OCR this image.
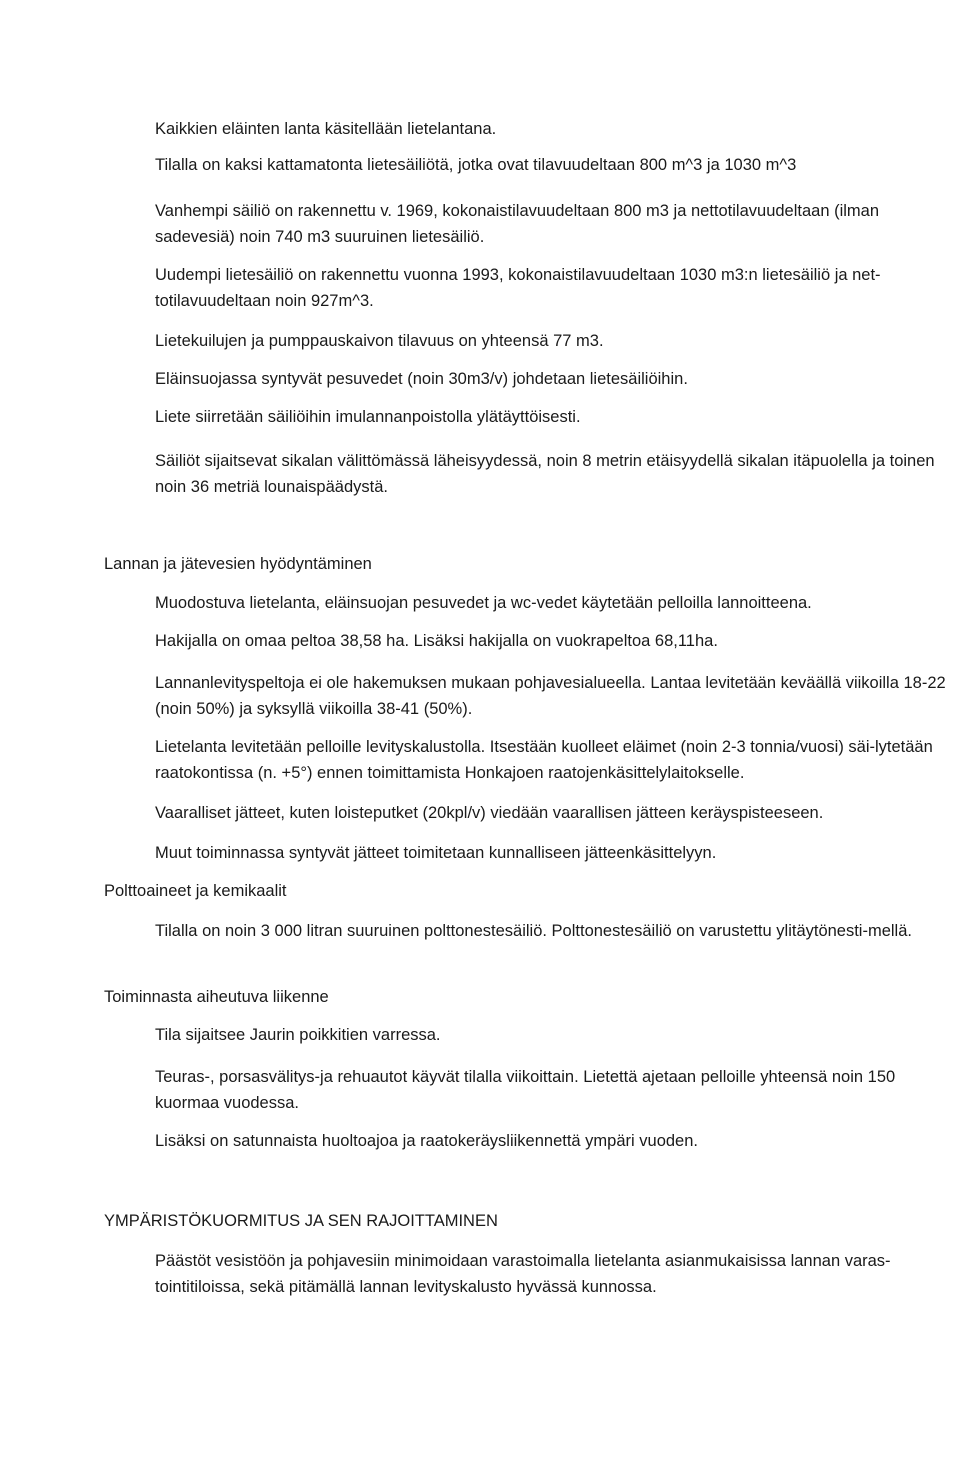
Kaikkien eläinten lanta käsitellään lietelantana.

Tilalla on kaksi kattamatonta lietesäiliötä, jotka ovat tilavuudeltaan 800 m^3 ja 1030 m^3

Vanhempi säiliö on rakennettu v. 1969, kokonaistilavuudeltaan 800 m3 ja nettotilavuudeltaan (ilman sadevesiä) noin 740 m3 suuruinen lietesäiliö.

Uudempi lietesäiliö on rakennettu vuonna 1993, kokonaistilavuudeltaan 1030 m3:n lietesäiliö ja net-totilavuudeltaan noin 927m^3.

Lietekuilujen ja pumppauskaivon tilavuus on yhteensä 77 m3.

Eläinsuojassa syntyvät pesuvedet (noin 30m3/v) johdetaan lietesäiliöihin.

Liete siirretään säiliöihin imulannanpoistolla ylätäyttöisesti.

Säiliöt sijaitsevat sikalan välittömässä läheisyydessä, noin 8 metrin etäisyydellä sikalan itäpuolella ja toinen noin 36 metriä lounaispäädystä.

Lannan ja jätevesien hyödyntäminen

Muodostuva lietelanta, eläinsuojan pesuvedet ja wc-vedet käytetään pelloilla lannoitteena.

Hakijalla on omaa peltoa 38,58 ha. Lisäksi hakijalla on vuokrapeltoa 68,11ha.

Lannanlevityspeltoja ei ole hakemuksen mukaan pohjavesialueella. Lantaa levitetään keväällä viikoilla 18-22 (noin 50%) ja syksyllä viikoilla 38-41 (50%).

Lietelanta levitetään pelloille levityskalustolla. Itsestään kuolleet eläimet (noin 2-3 tonnia/vuosi) säi-lytetään raatokontissa (n. +5°) ennen toimittamista Honkajoen raatojenkäsittelylaitokselle.

Vaaralliset jätteet, kuten loisteputket (20kpl/v) viedään vaarallisen jätteen keräyspisteeseen.

Muut toiminnassa syntyvät jätteet toimitetaan kunnalliseen jätteenkäsittelyyn.

Polttoaineet ja kemikaalit

Tilalla on noin 3 000 litran suuruinen polttonestesäiliö. Polttonestesäiliö on varustettu ylitäytönesti-mellä.

Toiminnasta aiheutuva liikenne

Tila sijaitsee Jaurin poikkitien varressa.

Teuras-, porsasvälitys-ja rehuautot käyvät tilalla viikoittain. Lietettä ajetaan pelloille yhteensä noin 150 kuormaa vuodessa.

Lisäksi on satunnaista huoltoajoa ja raatokeräysliikennettä ympäri vuoden.

YMPÄRISTÖKUORMITUS JA SEN RAJOITTAMINEN

Päästöt vesistöön ja pohjavesiin minimoidaan varastoimalla lietelanta asianmukaisissa lannan varas-tointitiloissa, sekä pitämällä lannan levityskalusto hyvässä kunnossa.
